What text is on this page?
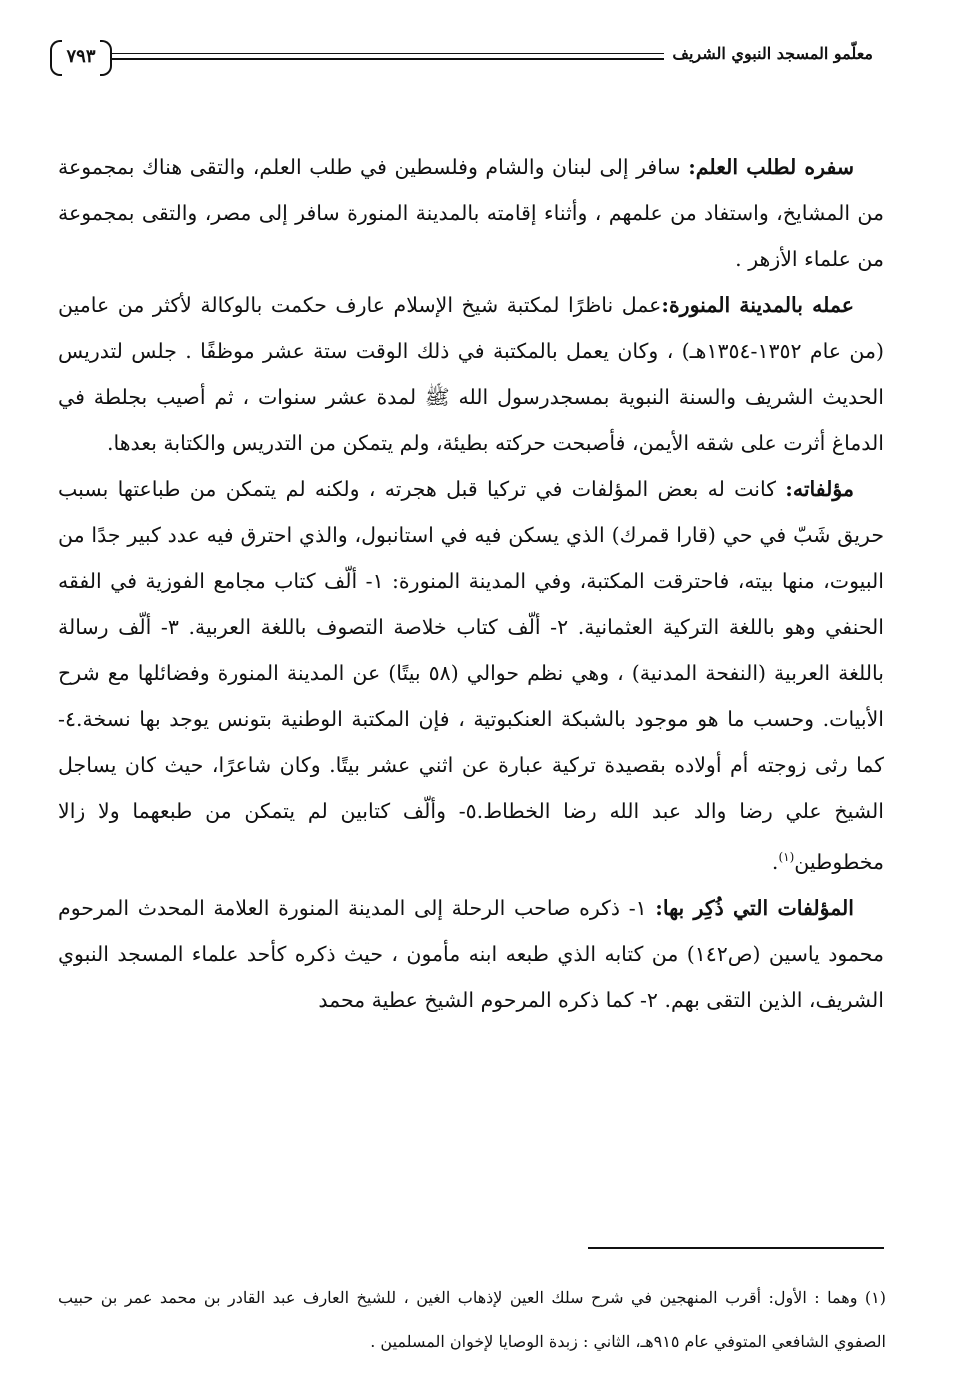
معلّمو المسجد النبوي الشريف
٧٩٣

سفره لطلب العلم: سافر إلى لبنان والشام وفلسطين في طلب العلم، والتقى هناك بمجموعة من المشايخ، واستفاد من علمهم ، وأثناء إقامته بالمدينة المنورة سافر إلى مصر، والتقى بمجموعة من علماء الأزهر .

عمله بالمدينة المنورة:عمل ناظرًا لمكتبة شيخ الإسلام عارف حكمت بالوكالة لأكثر من عامين (من عام ١٣٥٢-١٣٥٤هـ) ، وكان يعمل بالمكتبة في ذلك الوقت ستة عشر موظفًا . جلس لتدريس الحديث الشريف والسنة النبوية بمسجدرسول الله ﷺ لمدة عشر سنوات ، ثم أصيب بجلطة في الدماغ أثرت على شقه الأيمن، فأصبحت حركته بطيئة، ولم يتمكن من التدريس والكتابة بعدها.

مؤلفاته: كانت له بعض المؤلفات في تركيا قبل هجرته ، ولكنه لم يتمكن من طباعتها بسبب حريق شَبّ في حي (قارا قمرك) الذي يسكن فيه في استانبول، والذي احترق فيه عدد كبير جدًا من البيوت، منها بيته، فاحترقت المكتبة، وفي المدينة المنورة: ١- ألّف كتاب مجامع الفوزية في الفقه الحنفي وهو باللغة التركية العثمانية. ٢- ألّف كتاب خلاصة التصوف باللغة العربية. ٣- ألّف رسالة باللغة العربية (النفحة المدنية) ، وهي نظم حوالي (٥٨ بيتًا) عن المدينة المنورة وفضائلها مع شرح الأبيات. وحسب ما هو موجود بالشبكة العنكبوتية ، فإن المكتبة الوطنية بتونس يوجد بها نسخة.٤- كما رثى زوجته أم أولاده بقصيدة تركية عبارة عن اثني عشر بيتًا. وكان شاعرًا، حيث كان يساجل الشيخ علي رضا والد عبد الله رضا الخطاط.٥- وألّف كتابين لم يتمكن من طبعهما ولا زالا مخطوطين$^{(١)}$.

المؤلفات التي ذُكِر بها: ١- ذكره صاحب الرحلة إلى المدينة المنورة العلامة المحدث المرحوم محمود ياسين (ص١٤٢) من كتابه الذي طبعه ابنه مأمون ، حيث ذكره كأحد علماء المسجد النبوي الشريف، الذين التقى بهم. ٢- كما ذكره المرحوم الشيخ عطية محمد

(١) وهما : الأول: أقرب المنهجين في شرح سلك العين لإذهاب الغين ، للشيخ العارف عبد القادر بن محمد عمر بن حبيب الصفوي الشافعي المتوفي عام ٩١٥هـ، الثاني : زبدة الوصايا لإخوان المسلمين .
